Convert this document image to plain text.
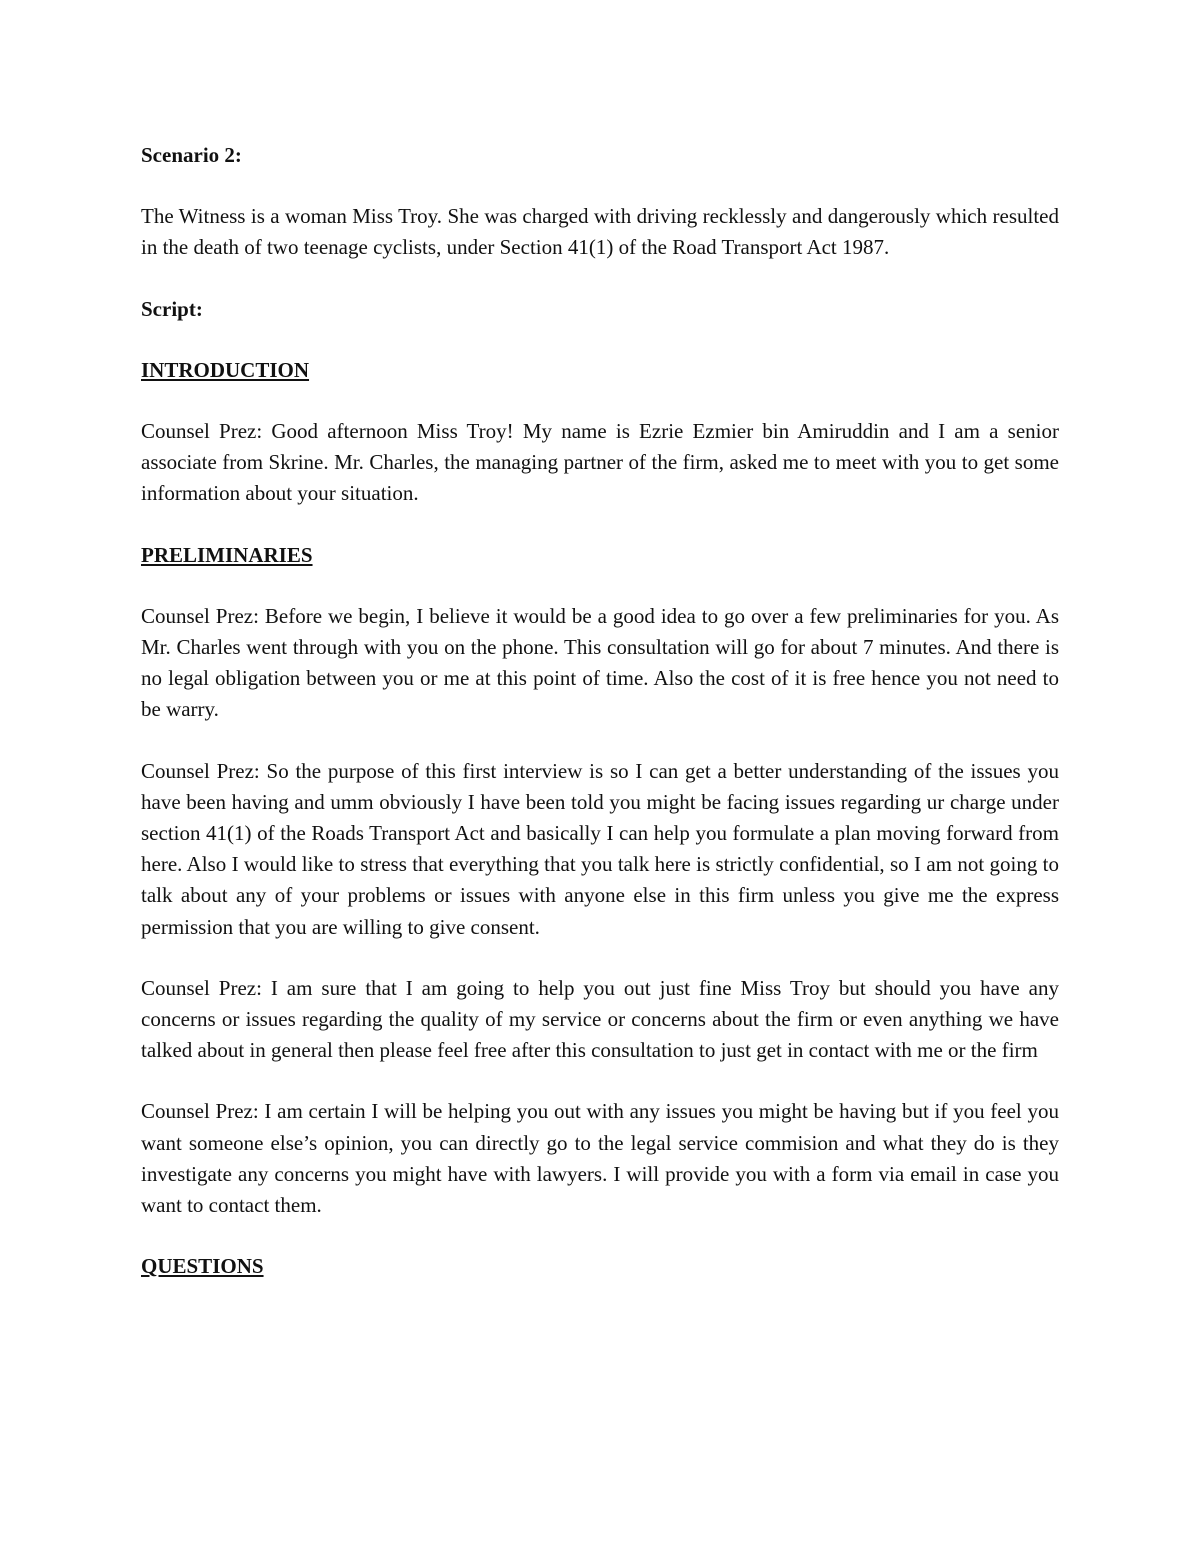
Scenario 2:

The Witness is a woman Miss Troy. She was charged with driving recklessly and dangerously which resulted in the death of two teenage cyclists, under Section 41(1) of the Road Transport Act 1987.

Script:
INTRODUCTION

Counsel Prez: Good afternoon Miss Troy! My name is Ezrie Ezmier bin Amiruddin and I am a senior associate from Skrine. Mr. Charles, the managing partner of the firm, asked me to meet with you to get some information about your situation.

PRELIMINARIES

Counsel Prez: Before we begin, I believe it would be a good idea to go over a few preliminaries for you. As Mr. Charles went through with you on the phone. This consultation will go for about 7 minutes. And there is no legal obligation between you or me at this point of time. Also the cost of it is free hence you not need to be warry.

Counsel Prez: So the purpose of this first interview is so I can get a better understanding of the issues you have been having and umm obviously I have been told you might be facing issues regarding ur charge under section 41(1) of the Roads Transport Act and basically I can help you formulate a plan moving forward from here. Also I would like to stress that everything that you talk here is strictly confidential, so I am not going to talk about any of your problems or issues with anyone else in this firm unless you give me the express permission that you are willing to give consent.

Counsel Prez: I am sure that I am going to help you out just fine Miss Troy but should you have any concerns or issues regarding the quality of my service or concerns about the firm or even anything we have talked about in general then please feel free after this consultation to just get in contact with me or the firm

Counsel Prez: I am certain I will be helping you out with any issues you might be having but if you feel you want someone else’s opinion, you can directly go to the legal service commision and what they do is they investigate any concerns you might have with lawyers. I will provide you with a form via email in case you want to contact them.

QUESTIONS
